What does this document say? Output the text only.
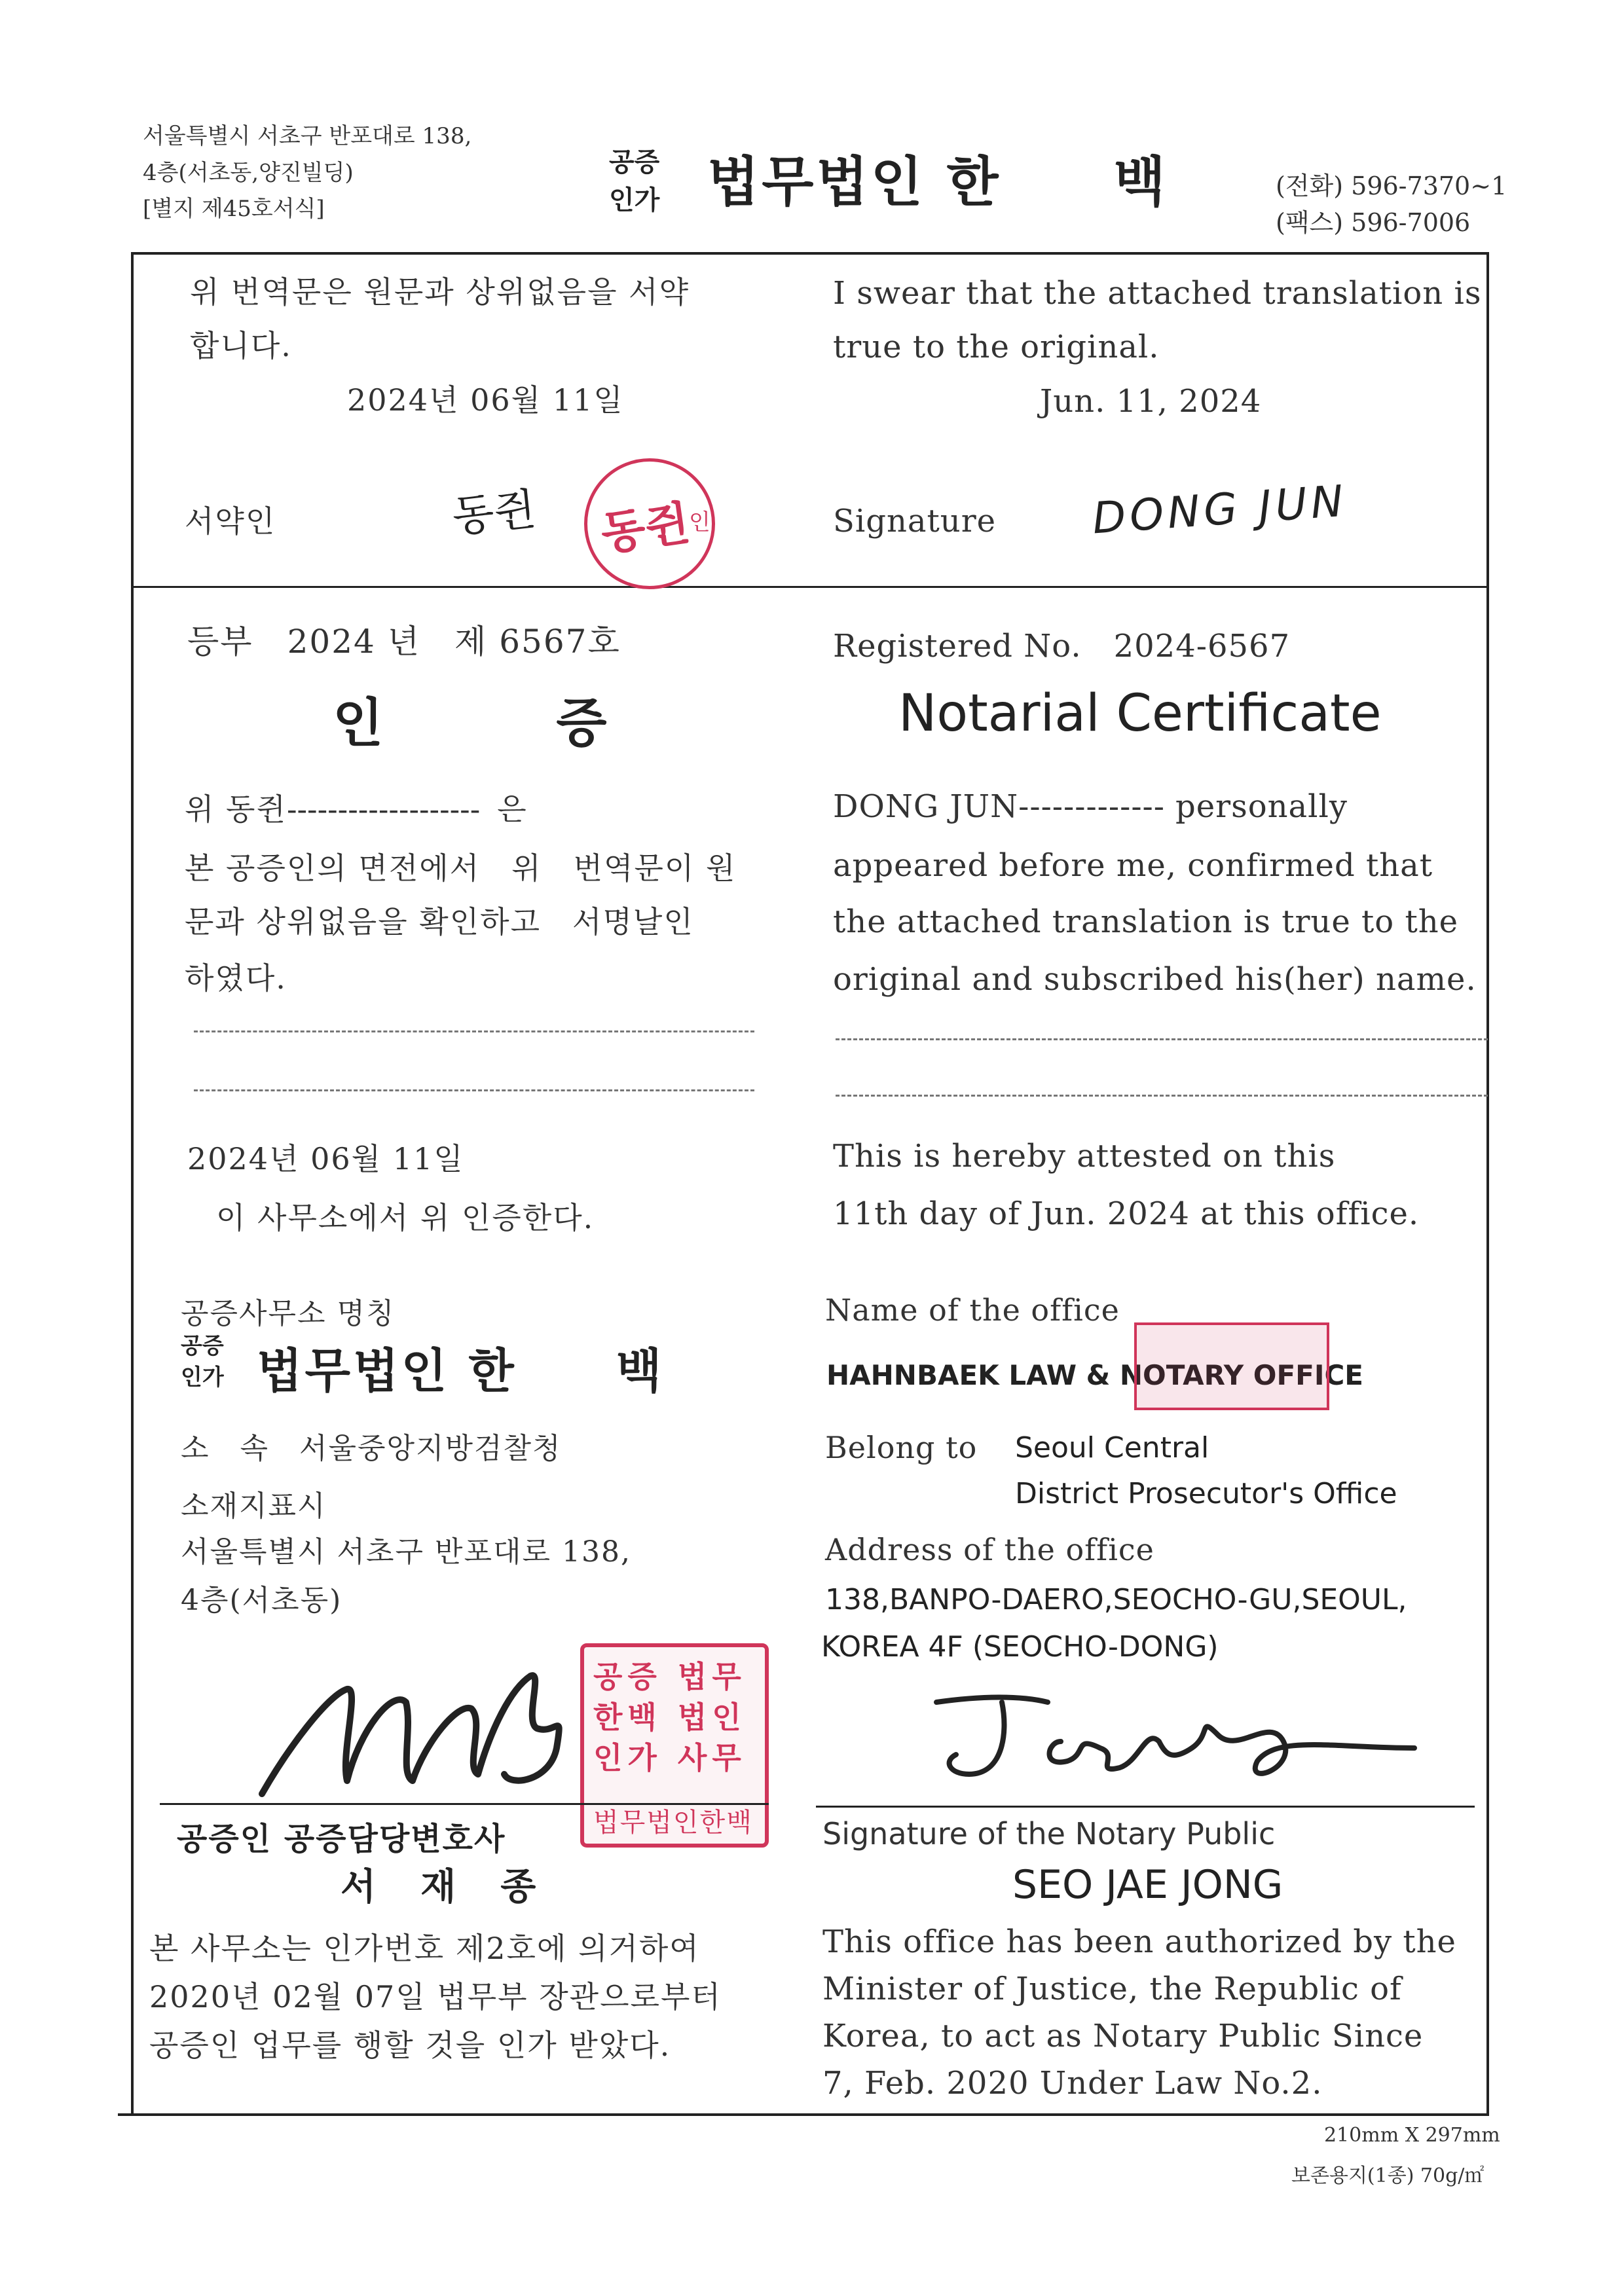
서울특별시 서초구 반포대로 138,
4층(서초동,양진빌딩)
[별지 제45호서식]
공증
인가 법무법인 한　　백	(전화) 596-7370~1
(팩스) 596-7006
위 번역문은 원문과 상위없음을 서약
합니다.
2024년 06월 11일
서약인	동쥔 동쥔
인
I swear that the attached translation is
true to the original.
Jun. 11, 2024
Signature DONG JUN
등부　2024 년　제 6567호	Registered No.　2024-6567
인　　　증	Notarial Certificate
위 동쥔------------------- 은
본 공증인의 면전에서　위　번역문이 원
문과 상위없음을 확인하고　서명날인
하였다.
DONG JUN------------- personally
appeared before me, confirmed that
the attached translation is true to the
original and subscribed his(her) name.
2024년 06월 11일
이 사무소에서 위 인증한다.
This is hereby attested on this
11th day of Jun. 2024 at this office.
공증사무소 명칭
공증
인가 법무법인 한　　백
소　속　서울중앙지방검찰청
소재지표시
서울특별시 서초구 반포대로 138,
4층(서초동)
Name of the office
HAHNBAEK LAW & NOTARY OFFICE
Belong to Seoul Central
District Prosecutor's Office
Address of the office
138,BANPO-DAERO,SEOCHO-GU,SEOUL,
KOREA 4F (SEOCHO-DONG)
공증 법무 한백 법인 인가 사무
법무법인한백
공증인 공증담당변호사
서　재　종
Signature of the Notary Public
SEO JAE JONG
본 사무소는 인가번호 제2호에 의거하여
2020년 02월 07일 법무부 장관으로부터
공증인 업무를 행할 것을 인가 받았다.
This office has been authorized by the
Minister of Justice, the Republic of
Korea, to act as Notary Public Since
7, Feb. 2020 Under Law No.2.
210mm X 297mm
보존용지(1종) 70g/㎡
